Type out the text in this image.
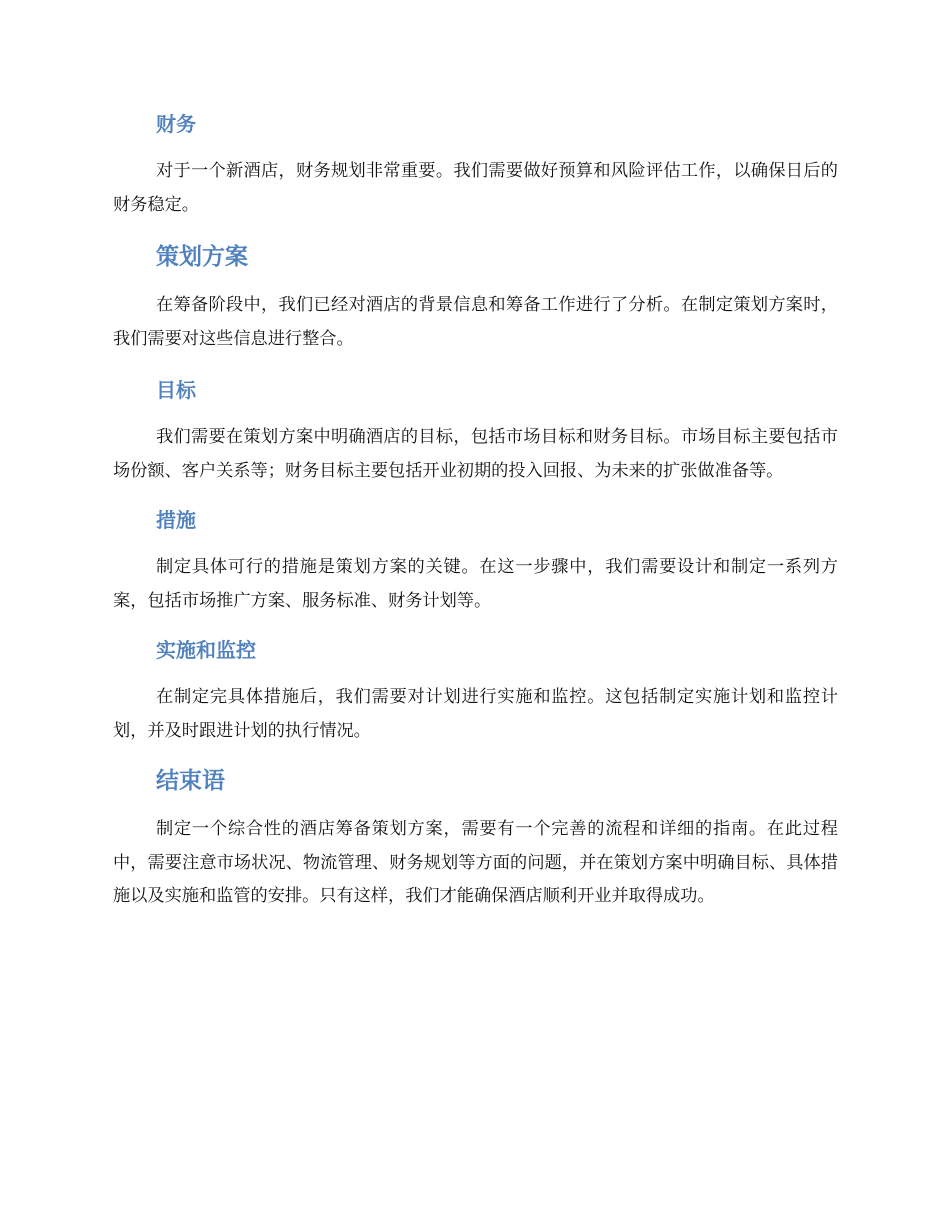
财务

对于一个新酒店，财务规划非常重要。我们需要做好预算和风险评估工作，以确保日后的财务稳定。

策划方案

在筹备阶段中，我们已经对酒店的背景信息和筹备工作进行了分析。在制定策划方案时，我们需要对这些信息进行整合。

目标

我们需要在策划方案中明确酒店的目标，包括市场目标和财务目标。市场目标主要包括市场份额、客户关系等；财务目标主要包括开业初期的投入回报、为未来的扩张做准备等。

措施

制定具体可行的措施是策划方案的关键。在这一步骤中，我们需要设计和制定一系列方案，包括市场推广方案、服务标准、财务计划等。

实施和监控

在制定完具体措施后，我们需要对计划进行实施和监控。这包括制定实施计划和监控计划，并及时跟进计划的执行情况。

结束语

制定一个综合性的酒店筹备策划方案，需要有一个完善的流程和详细的指南。在此过程中，需要注意市场状况、物流管理、财务规划等方面的问题，并在策划方案中明确目标、具体措施以及实施和监管的安排。只有这样，我们才能确保酒店顺利开业并取得成功。
